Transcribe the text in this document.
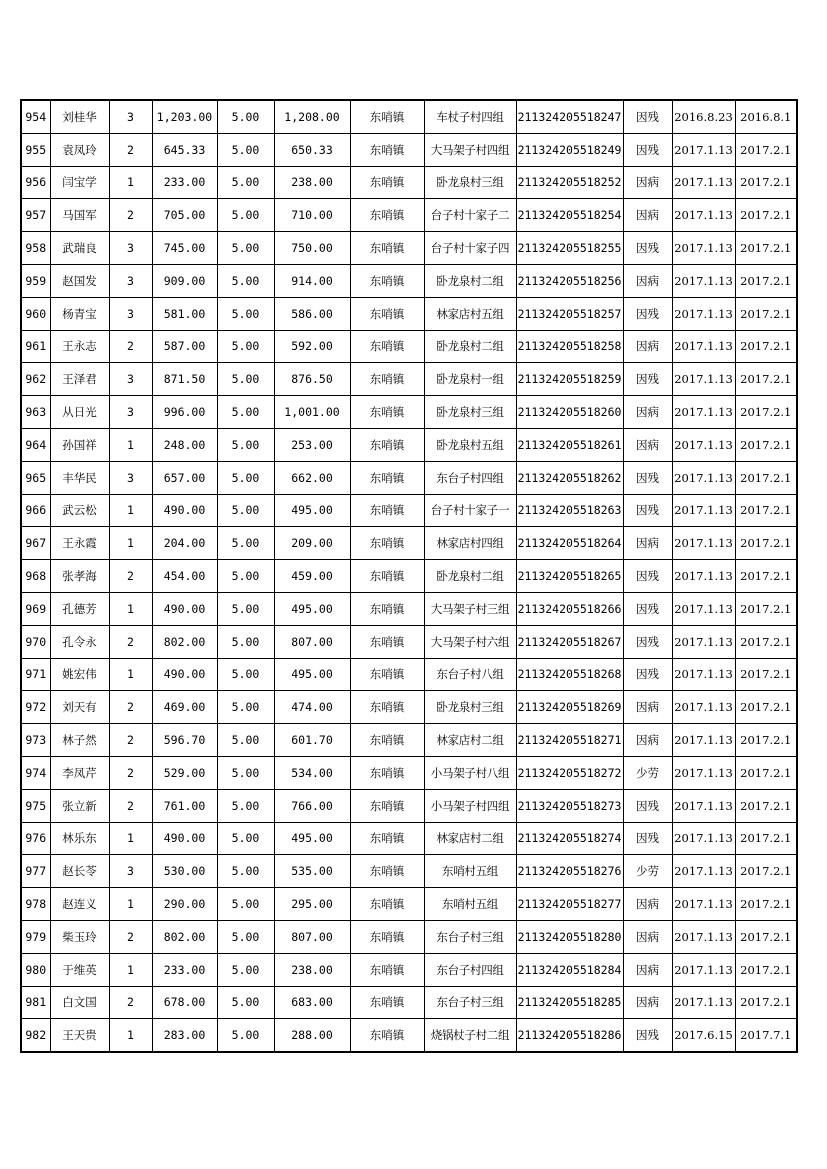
954	刘桂华	3	1,203.00	5.00	1,208.00	东哨镇	车杖子村四组	211324205518247	因残	2016.8.23	2016.8.1
955	袁凤玲	2	645.33	5.00	650.33	东哨镇	大马架子村四组	211324205518249	因残	2017.1.13	2017.2.1
956	闫宝学	1	233.00	5.00	238.00	东哨镇	卧龙泉村三组	211324205518252	因病	2017.1.13	2017.2.1
957	马国军	2	705.00	5.00	710.00	东哨镇	台子村十家子二	211324205518254	因病	2017.1.13	2017.2.1
958	武瑞良	3	745.00	5.00	750.00	东哨镇	台子村十家子四	211324205518255	因残	2017.1.13	2017.2.1
959	赵国发	3	909.00	5.00	914.00	东哨镇	卧龙泉村二组	211324205518256	因病	2017.1.13	2017.2.1
960	杨青宝	3	581.00	5.00	586.00	东哨镇	林家店村五组	211324205518257	因残	2017.1.13	2017.2.1
961	王永志	2	587.00	5.00	592.00	东哨镇	卧龙泉村二组	211324205518258	因病	2017.1.13	2017.2.1
962	王泽君	3	871.50	5.00	876.50	东哨镇	卧龙泉村一组	211324205518259	因残	2017.1.13	2017.2.1
963	从日光	3	996.00	5.00	1,001.00	东哨镇	卧龙泉村三组	211324205518260	因病	2017.1.13	2017.2.1
964	孙国祥	1	248.00	5.00	253.00	东哨镇	卧龙泉村五组	211324205518261	因病	2017.1.13	2017.2.1
965	丰华民	3	657.00	5.00	662.00	东哨镇	东台子村四组	211324205518262	因残	2017.1.13	2017.2.1
966	武云松	1	490.00	5.00	495.00	东哨镇	台子村十家子一	211324205518263	因残	2017.1.13	2017.2.1
967	王永霞	1	204.00	5.00	209.00	东哨镇	林家店村四组	211324205518264	因病	2017.1.13	2017.2.1
968	张孝海	2	454.00	5.00	459.00	东哨镇	卧龙泉村二组	211324205518265	因残	2017.1.13	2017.2.1
969	孔德芳	1	490.00	5.00	495.00	东哨镇	大马架子村三组	211324205518266	因残	2017.1.13	2017.2.1
970	孔令永	2	802.00	5.00	807.00	东哨镇	大马架子村六组	211324205518267	因残	2017.1.13	2017.2.1
971	姚宏伟	1	490.00	5.00	495.00	东哨镇	东台子村八组	211324205518268	因残	2017.1.13	2017.2.1
972	刘天有	2	469.00	5.00	474.00	东哨镇	卧龙泉村三组	211324205518269	因病	2017.1.13	2017.2.1
973	林子然	2	596.70	5.00	601.70	东哨镇	林家店村二组	211324205518271	因病	2017.1.13	2017.2.1
974	李凤芹	2	529.00	5.00	534.00	东哨镇	小马架子村八组	211324205518272	少劳	2017.1.13	2017.2.1
975	张立新	2	761.00	5.00	766.00	东哨镇	小马架子村四组	211324205518273	因残	2017.1.13	2017.2.1
976	林乐东	1	490.00	5.00	495.00	东哨镇	林家店村二组	211324205518274	因残	2017.1.13	2017.2.1
977	赵长苓	3	530.00	5.00	535.00	东哨镇	东哨村五组	211324205518276	少劳	2017.1.13	2017.2.1
978	赵连义	1	290.00	5.00	295.00	东哨镇	东哨村五组	211324205518277	因病	2017.1.13	2017.2.1
979	柴玉玲	2	802.00	5.00	807.00	东哨镇	东台子村三组	211324205518280	因病	2017.1.13	2017.2.1
980	于维英	1	233.00	5.00	238.00	东哨镇	东台子村四组	211324205518284	因病	2017.1.13	2017.2.1
981	白文国	2	678.00	5.00	683.00	东哨镇	东台子村三组	211324205518285	因病	2017.1.13	2017.2.1
982	王天贵	1	283.00	5.00	288.00	东哨镇	烧锅杖子村二组	211324205518286	因残	2017.6.15	2017.7.1
